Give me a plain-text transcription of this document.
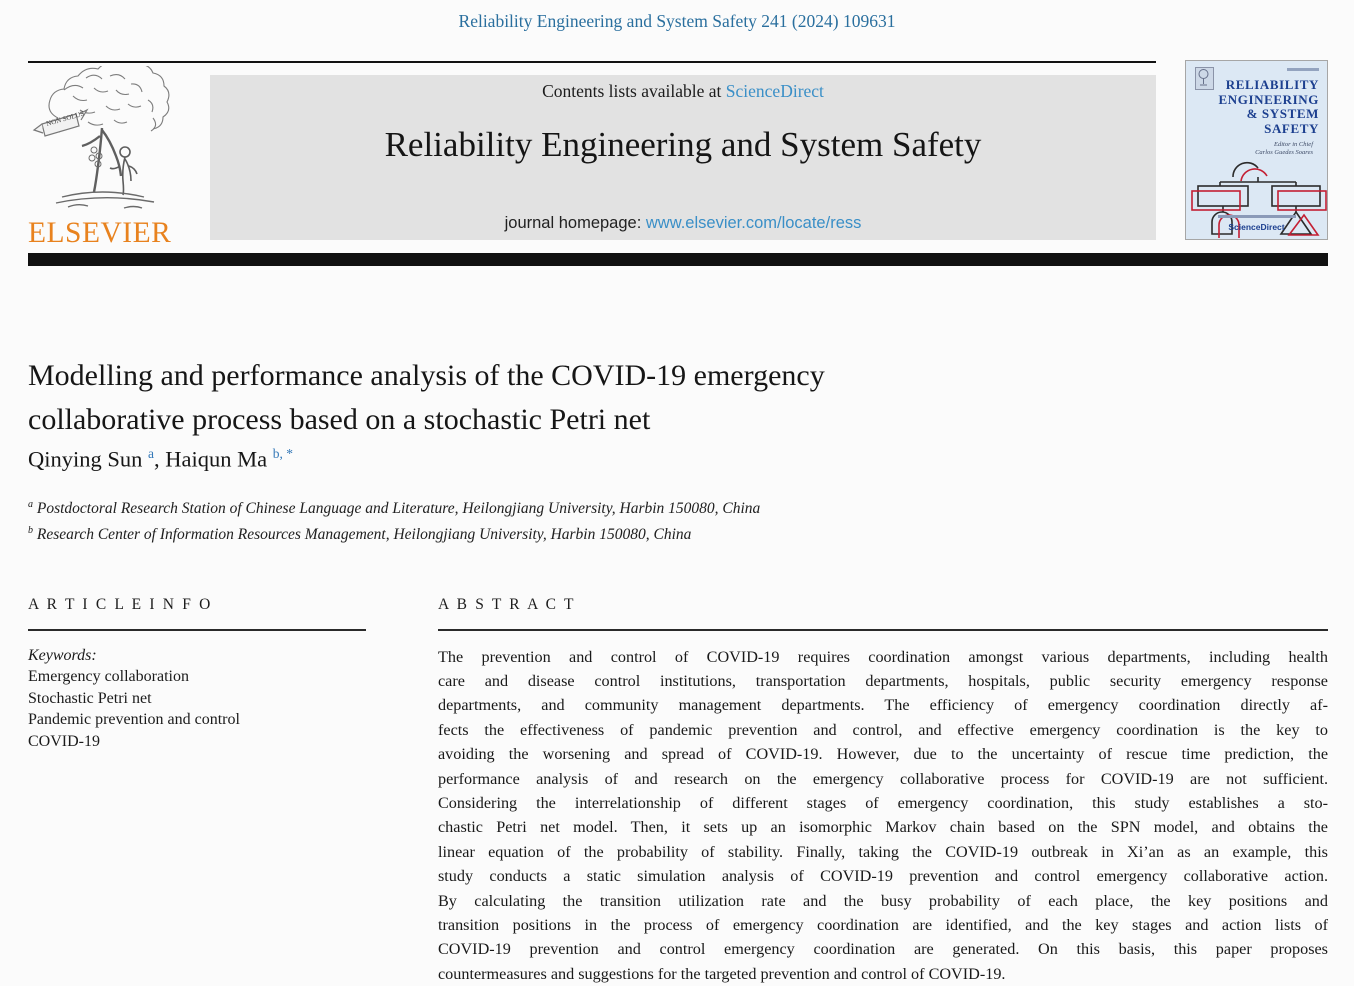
Reliability Engineering and System Safety 241 (2024) 109631
NON SOLUS
ELSEVIER
Contents lists available at ScienceDirect
Reliability Engineering and System Safety
journal homepage: www.elsevier.com/locate/ress
RELIABILITY
ENGINEERING
& SYSTEM
SAFETY
Editor in Chief
Carlos Guedes Soares
ScienceDirect
Modelling and performance analysis of the COVID-19 emergency
collaborative process based on a stochastic Petri net
Qinying Sun $^a$, Haiqun Ma $^{b, *}$
$^a$ Postdoctoral Research Station of Chinese Language and Literature, Heilongjiang University, Harbin 150080, China
$^b$ Research Center of Information Resources Management, Heilongjiang University, Harbin 150080, China
A R T I C L E I N F O
Keywords:
Emergency collaboration
Stochastic Petri net
Pandemic prevention and control
COVID-19
A B S T R A C T
The prevention and control of COVID-19 requires coordination amongst various departments, including health
care and disease control institutions, transportation departments, hospitals, public security emergency response
departments, and community management departments. The efficiency of emergency coordination directly af-
fects the effectiveness of pandemic prevention and control, and effective emergency coordination is the key to
avoiding the worsening and spread of COVID-19. However, due to the uncertainty of rescue time prediction, the
performance analysis of and research on the emergency collaborative process for COVID-19 are not sufficient.
Considering the interrelationship of different stages of emergency coordination, this study establishes a sto-
chastic Petri net model. Then, it sets up an isomorphic Markov chain based on the SPN model, and obtains the
linear equation of the probability of stability. Finally, taking the COVID-19 outbreak in Xi’an as an example, this
study conducts a static simulation analysis of COVID-19 prevention and control emergency collaborative action.
By calculating the transition utilization rate and the busy probability of each place, the key positions and
transition positions in the process of emergency coordination are identified, and the key stages and action lists of
COVID-19 prevention and control emergency coordination are generated. On this basis, this paper proposes
countermeasures and suggestions for the targeted prevention and control of COVID-19.
